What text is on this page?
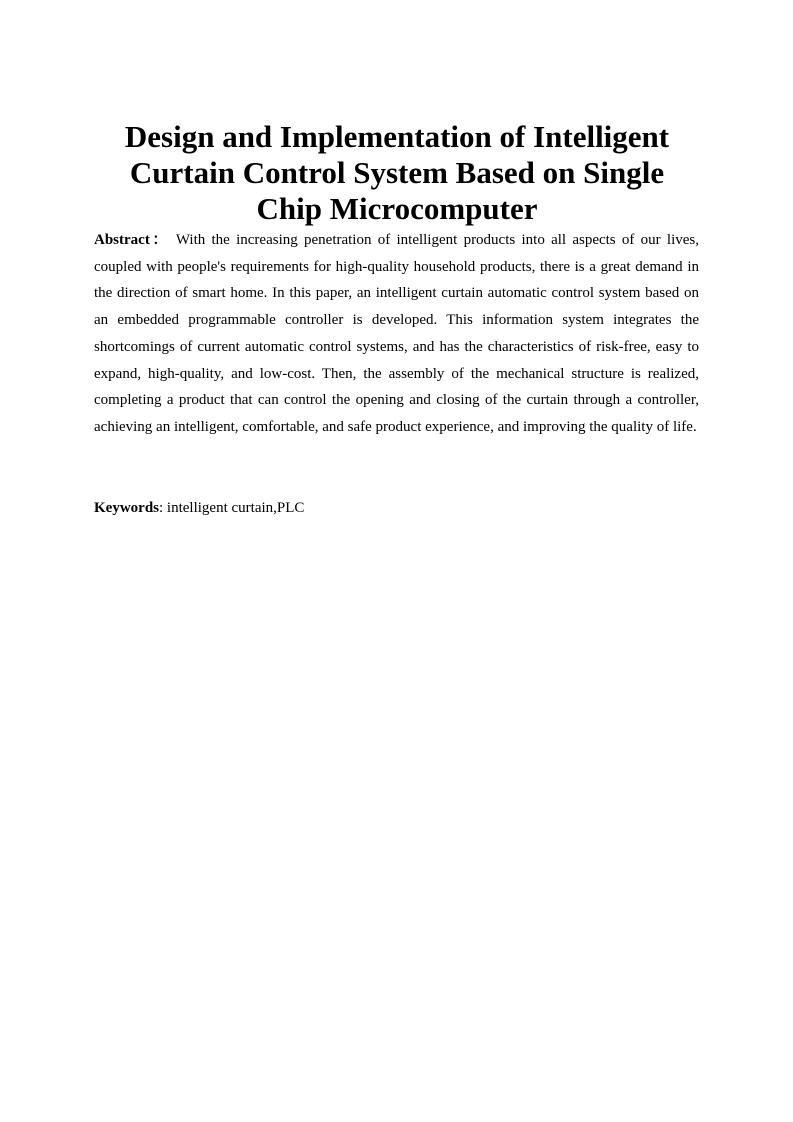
Design and Implementation of Intelligent Curtain Control System Based on Single Chip Microcomputer

Abstract： With the increasing penetration of intelligent products into all aspects of our lives, coupled with people's requirements for high-quality household products, there is a great demand in the direction of smart home. In this paper, an intelligent curtain automatic control system based on an embedded programmable controller is developed. This information system integrates the shortcomings of current automatic control systems, and has the characteristics of risk-free, easy to expand, high-quality, and low-cost. Then, the assembly of the mechanical structure is realized, completing a product that can control the opening and closing of the curtain through a controller, achieving an intelligent, comfortable, and safe product experience, and improving the quality of life.

Keywords: intelligent curtain,PLC
